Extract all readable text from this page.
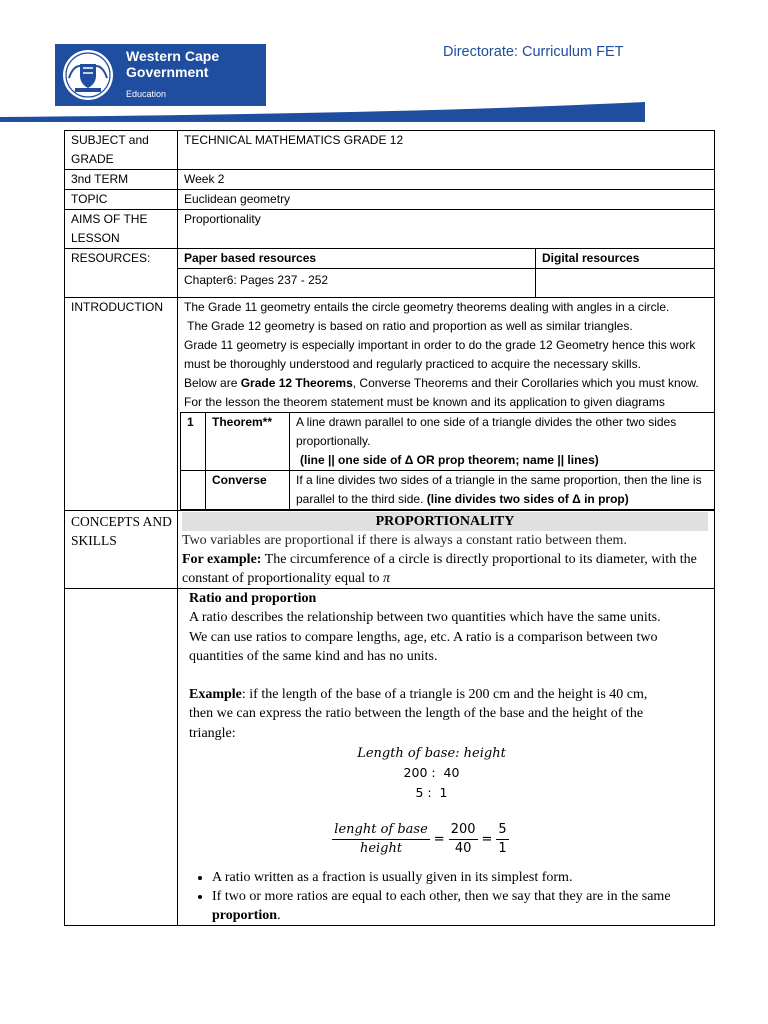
Western Cape
Government
Education
Directorate: Curriculum FET
SUBJECT and GRADE	TECHNICAL MATHEMATICS GRADE 12
3nd TERM	Week 2
TOPIC	Euclidean geometry
AIMS OF THE LESSON	Proportionality
RESOURCES:	Paper based resources	Digital resources
Chapter6: Pages 237 - 252	
INTRODUCTION	The Grade 11 geometry entails the circle geometry theorems dealing with angles in a circle.
The Grade 12 geometry is based on ratio and proportion as well as similar triangles.
Grade 11 geometry is especially important in order to do the grade 12 Geometry hence this work must be thoroughly understood and regularly practiced to acquire the necessary skills.
Below are Grade 12 Theorems, Converse Theorems and their Corollaries which you must know.
For the lesson the theorem statement must be known and its application to given diagrams
1	Theorem**	A line drawn parallel to one side of a triangle divides the other two sides proportionally.
(line || one side of Δ OR prop theorem; name || lines)

	Converse	If a line divides two sides of a triangle in the same proportion, then the line is parallel to the third side. (line divides two sides of Δ in prop)

CONCEPTS AND SKILLS	
PROPORTIONALITY
Two variables are proportional if there is always a constant ratio between them.
For example: The circumference of a circle is directly proportional to its diameter, with the constant of proportionality equal to π

Ratio and proportion
A ratio describes the relationship between two quantities which have the same units. We can use ratios to compare lengths, age, etc. A ratio is a comparison between two quantities of the same kind and has no units.
Example: if the length of the base of a triangle is 200 cm and the height is 40 cm, then we can express the ratio between the length of the base and the height of the triangle:
Length of base: height
200 :  40
5 :  1
lenght of base
height
=
200
40
=
5
1
• A ratio written as a fraction is usually given in its simplest form.
• If two or more ratios are equal to each other, then we say that they are in the same proportion.
